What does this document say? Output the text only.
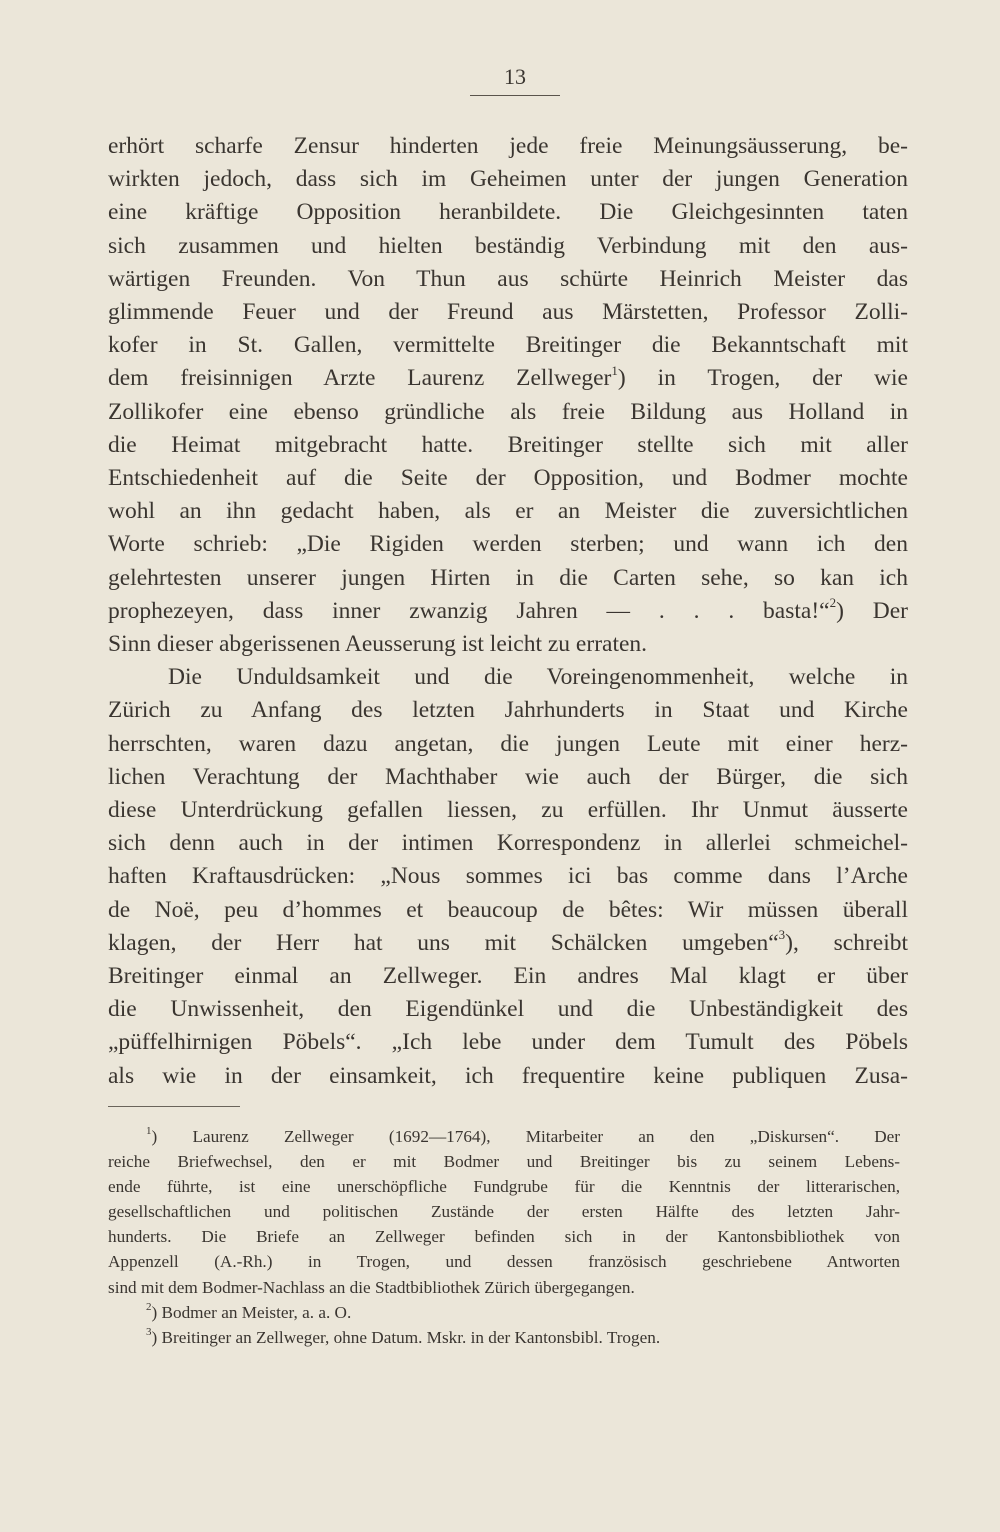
13
erhört scharfe Zensur hinderten jede freie Meinungsäusserung, be-
wirkten jedoch, dass sich im Geheimen unter der jungen Generation
eine kräftige Opposition heranbildete. Die Gleichgesinnten taten
sich zusammen und hielten beständig Verbindung mit den aus-
wärtigen Freunden. Von Thun aus schürte Heinrich Meister das
glimmende Feuer und der Freund aus Märstetten, Professor Zolli-
kofer in St. Gallen, vermittelte Breitinger die Bekanntschaft mit
dem freisinnigen Arzte Laurenz Zellweger$^1$) in Trogen, der wie
Zollikofer eine ebenso gründliche als freie Bildung aus Holland in
die Heimat mitgebracht hatte. Breitinger stellte sich mit aller
Entschiedenheit auf die Seite der Opposition, und Bodmer mochte
wohl an ihn gedacht haben, als er an Meister die zuversichtlichen
Worte schrieb: „Die Rigiden werden sterben; und wann ich den
gelehrtesten unserer jungen Hirten in die Carten sehe, so kan ich
prophezeyen, dass inner zwanzig Jahren — . . . basta!“$^2$) Der
Sinn dieser abgerissenen Aeusserung ist leicht zu erraten.
Die Unduldsamkeit und die Voreingenommenheit, welche in
Zürich zu Anfang des letzten Jahrhunderts in Staat und Kirche
herrschten, waren dazu angetan, die jungen Leute mit einer herz-
lichen Verachtung der Machthaber wie auch der Bürger, die sich
diese Unterdrückung gefallen liessen, zu erfüllen. Ihr Unmut äusserte
sich denn auch in der intimen Korrespondenz in allerlei schmeichel-
haften Kraftausdrücken: „Nous sommes ici bas comme dans l’Arche
de Noë, peu d’hommes et beaucoup de bêtes: Wir müssen überall
klagen, der Herr hat uns mit Schälcken umgeben“$^3$), schreibt
Breitinger einmal an Zellweger. Ein andres Mal klagt er über
die Unwissenheit, den Eigendünkel und die Unbeständigkeit des
„püffelhirnigen Pöbels“. „Ich lebe under dem Tumult des Pöbels
als wie in der einsamkeit, ich frequentire keine publiquen Zusa-
$^1$) Laurenz Zellweger (1692—1764), Mitarbeiter an den „Diskursen“. Der
reiche Briefwechsel, den er mit Bodmer und Breitinger bis zu seinem Lebens-
ende führte, ist eine unerschöpfliche Fundgrube für die Kenntnis der litterarischen,
gesellschaftlichen und politischen Zustände der ersten Hälfte des letzten Jahr-
hunderts. Die Briefe an Zellweger befinden sich in der Kantonsbibliothek von
Appenzell (A.-Rh.) in Trogen, und dessen französisch geschriebene Antworten
sind mit dem Bodmer-Nachlass an die Stadtbibliothek Zürich übergegangen.
$^2$) Bodmer an Meister, a. a. O.
$^3$) Breitinger an Zellweger, ohne Datum. Mskr. in der Kantonsbibl. Trogen.
